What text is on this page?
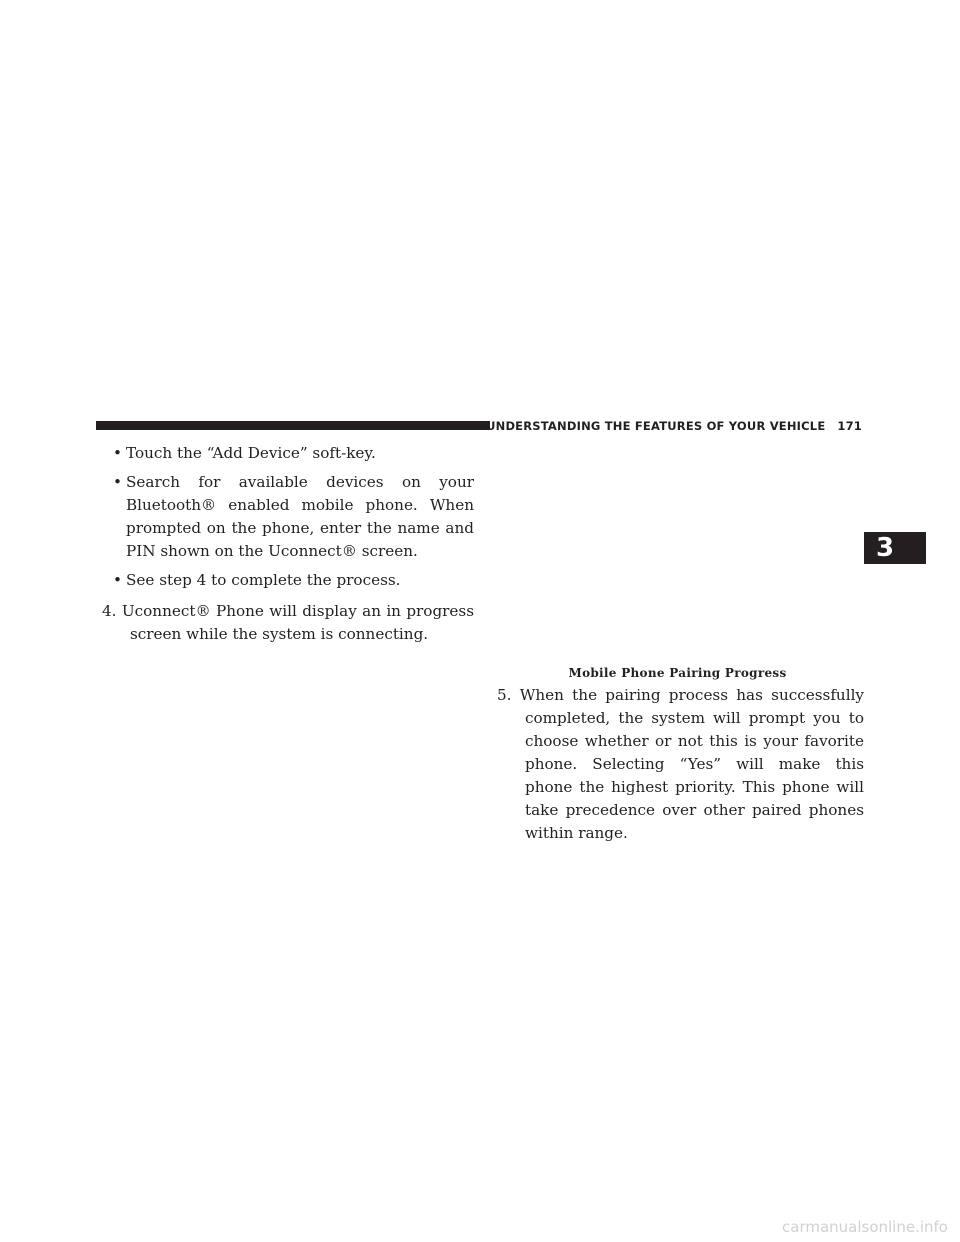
UNDERSTANDING THE FEATURES OF YOUR VEHICLE 171
• Touch the “Add Device” soft-key.
• Search for available devices on your Bluetooth® enabled mobile phone. When prompted on the phone, enter the name and PIN shown on the Uconnect® screen.
• See step 4 to complete the process.
4. Uconnect® Phone will display an in progress screen while the system is connecting.
Mobile Phone Pairing Progress
5. When the pairing process has successfully completed, the system will prompt you to choose whether or not this is your favorite phone. Selecting “Yes” will make this phone the highest priority. This phone will take precedence over other paired phones within range.
3
carmanualsonline.info
